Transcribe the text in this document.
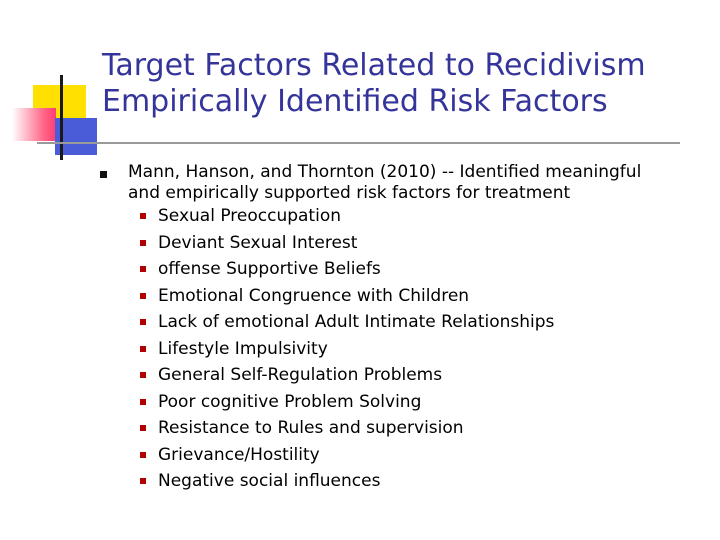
Target Factors Related to Recidivism
Empirically Identified Risk Factors
Mann, Hanson, and Thornton (2010) -- Identified meaningful
and empirically supported risk factors for treatment
Sexual Preoccupation
Deviant Sexual Interest
offense Supportive Beliefs
Emotional Congruence with Children
Lack of emotional Adult Intimate Relationships
Lifestyle Impulsivity
General Self-Regulation Problems
Poor cognitive Problem Solving
Resistance to Rules and supervision
Grievance/Hostility
Negative social influences
